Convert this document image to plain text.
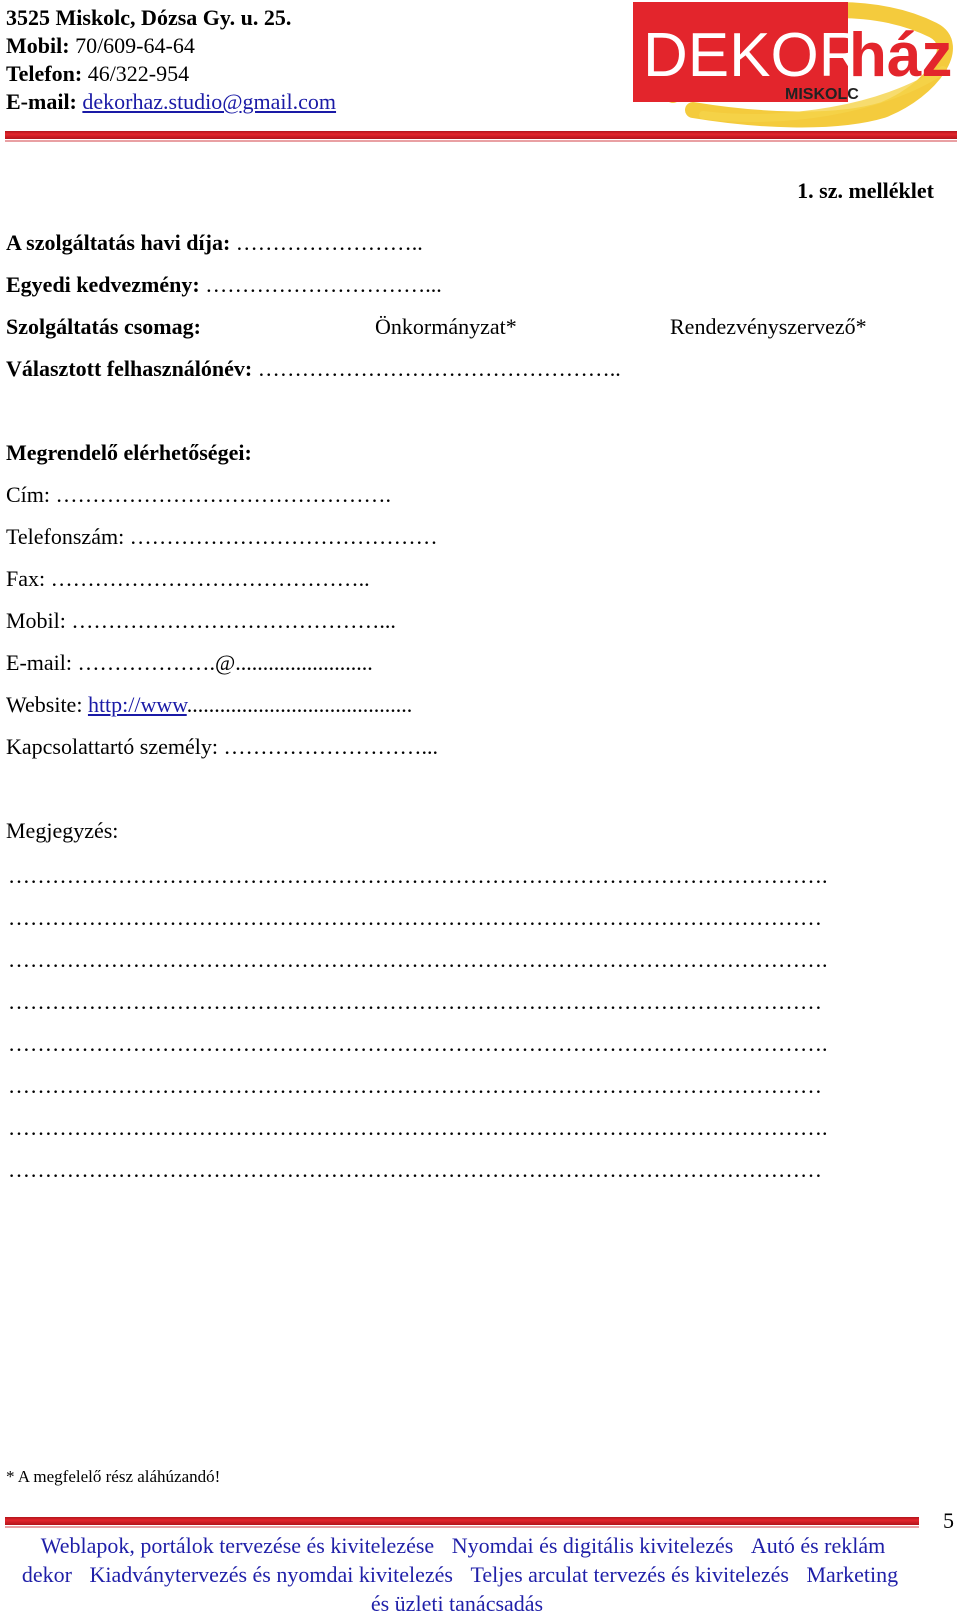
3525 Miskolc, Dózsa Gy. u. 25.
Mobil: 70/609-64-64
Telefon: 46/322-954
E-mail: dekorhaz.studio@gmail.com
DEKOR
ház
MISKOLC
1. sz. melléklet
A szolgáltatás havi díja: ……………………..
Egyedi kedvezmény: …………………………...
Szolgáltatás csomag:	Önkormányzat*	Rendezvényszervező*
Választott felhasználónév: …………………………………………..
Megrendelő elérhetőségei:
Cím: ……………………………………….
Telefonszám: ……………………………………
Fax: ……………………………………..
Mobil: ……………………………………...
E-mail: ……………….@.........................
Website: http://www.........................................
Kapcsolattartó személy: ………………………...
Megjegyzés:
………………………………………………………………………………………………….
…………………………………………………………………………………………………
………………………………………………………………………………………………….
…………………………………………………………………………………………………
………………………………………………………………………………………………….
…………………………………………………………………………………………………
………………………………………………………………………………………………….
…………………………………………………………………………………………………
* A megfelelő rész aláhúzandó!
5
Weblapok, portálok tervezése és kivitelezése Nyomdai és digitális kivitelezés Autó és reklám dekor Kiadványtervezés és nyomdai kivitelezés Teljes arculat tervezés és kivitelezés Marketing és üzleti tanácsadás
